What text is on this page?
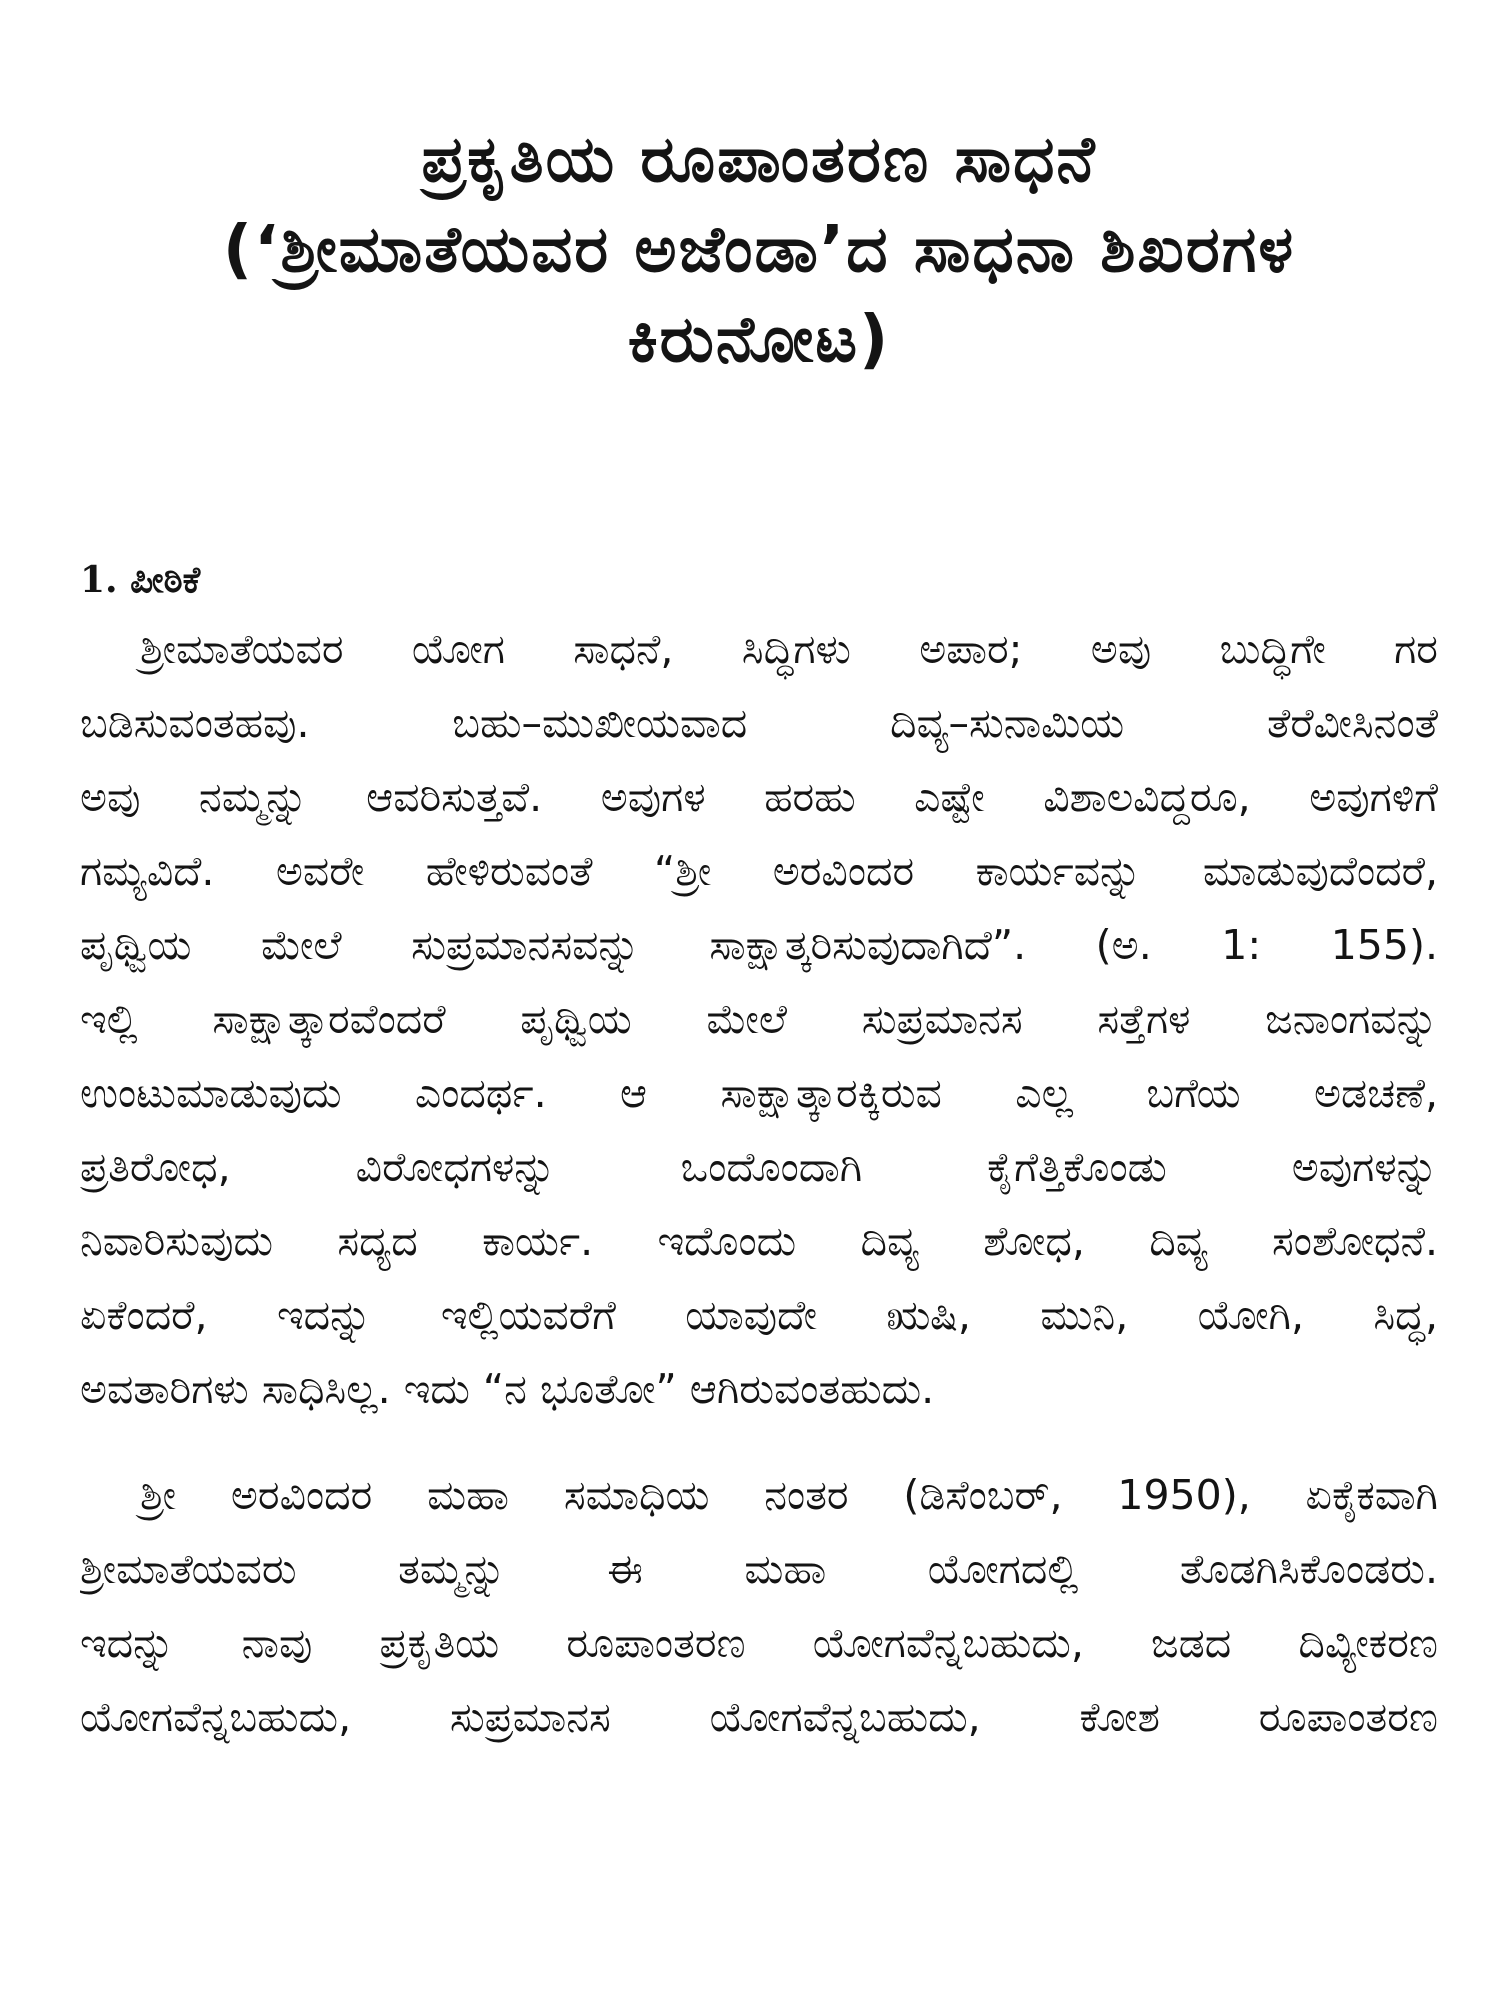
ಪ್ರಕೃತಿಯ ರೂಪಾಂತರಣ ಸಾಧನೆ
(‘ಶ್ರೀಮಾತೆಯವರ ಅಜೆಂಡಾ’ದ ಸಾಧನಾ ಶಿಖರಗಳ
ಕಿರುನೋಟ)
1. ಪೀಠಿಕೆ
ಶ್ರೀಮಾತೆಯವರ ಯೋಗ ಸಾಧನೆ, ಸಿದ್ಧಿಗಳು ಅಪಾರ; ಅವು ಬುದ್ಧಿಗೇ ಗರ
ಬಡಿಸುವಂತಹವು. ಬಹು–ಮುಖೀಯವಾದ ದಿವ್ಯ–ಸುನಾಮಿಯ ತೆರೆವೀಸಿನಂತೆ
ಅವು ನಮ್ಮನ್ನು ಆವರಿಸುತ್ತವೆ. ಅವುಗಳ ಹರಹು ಎಷ್ಟೇ ವಿಶಾಲವಿದ್ದರೂ, ಅವುಗಳಿಗೆ
ಗಮ್ಯವಿದೆ. ಅವರೇ ಹೇಳಿರುವಂತೆ “ಶ್ರೀ ಅರವಿಂದರ ಕಾರ್ಯವನ್ನು ಮಾಡುವುದೆಂದರೆ,
ಪೃಥ್ವಿಯ ಮೇಲೆ ಸುಪ್ರಮಾನಸವನ್ನು ಸಾಕ್ಷಾತ್ಕರಿಸುವುದಾಗಿದೆ”. (ಅ. 1: 155).
ಇಲ್ಲಿ ಸಾಕ್ಷಾತ್ಕಾರವೆಂದರೆ ಪೃಥ್ವಿಯ ಮೇಲೆ ಸುಪ್ರಮಾನಸ ಸತ್ತೆಗಳ ಜನಾಂಗವನ್ನು
ಉಂಟುಮಾಡುವುದು ಎಂದರ್ಥ. ಆ ಸಾಕ್ಷಾತ್ಕಾರಕ್ಕಿರುವ ಎಲ್ಲ ಬಗೆಯ ಅಡಚಣೆ,
ಪ್ರತಿರೋಧ, ವಿರೋಧಗಳನ್ನು ಒಂದೊಂದಾಗಿ ಕೈಗೆತ್ತಿಕೊಂಡು ಅವುಗಳನ್ನು
ನಿವಾರಿಸುವುದು ಸದ್ಯದ ಕಾರ್ಯ. ಇದೊಂದು ದಿವ್ಯ ಶೋಧ, ದಿವ್ಯ ಸಂಶೋಧನೆ.
ಏಕೆಂದರೆ, ಇದನ್ನು ಇಲ್ಲಿಯವರೆಗೆ ಯಾವುದೇ ಋಷಿ, ಮುನಿ, ಯೋಗಿ, ಸಿದ್ಧ,
ಅವತಾರಿಗಳು ಸಾಧಿಸಿಲ್ಲ. ಇದು “ನ ಭೂತೋ” ಆಗಿರುವಂತಹುದು.
ಶ್ರೀ ಅರವಿಂದರ ಮಹಾ ಸಮಾಧಿಯ ನಂತರ (ಡಿಸೆಂಬರ್, 1950), ಏಕೈಕವಾಗಿ
ಶ್ರೀಮಾತೆಯವರು ತಮ್ಮನ್ನು ಈ ಮಹಾ ಯೋಗದಲ್ಲಿ ತೊಡಗಿಸಿಕೊಂಡರು.
ಇದನ್ನು ನಾವು ಪ್ರಕೃತಿಯ ರೂಪಾಂತರಣ ಯೋಗವೆನ್ನಬಹುದು, ಜಡದ ದಿವ್ಯೀಕರಣ
ಯೋಗವೆನ್ನಬಹುದು, ಸುಪ್ರಮಾನಸ ಯೋಗವೆನ್ನಬಹುದು, ಕೋಶ ರೂಪಾಂತರಣ
